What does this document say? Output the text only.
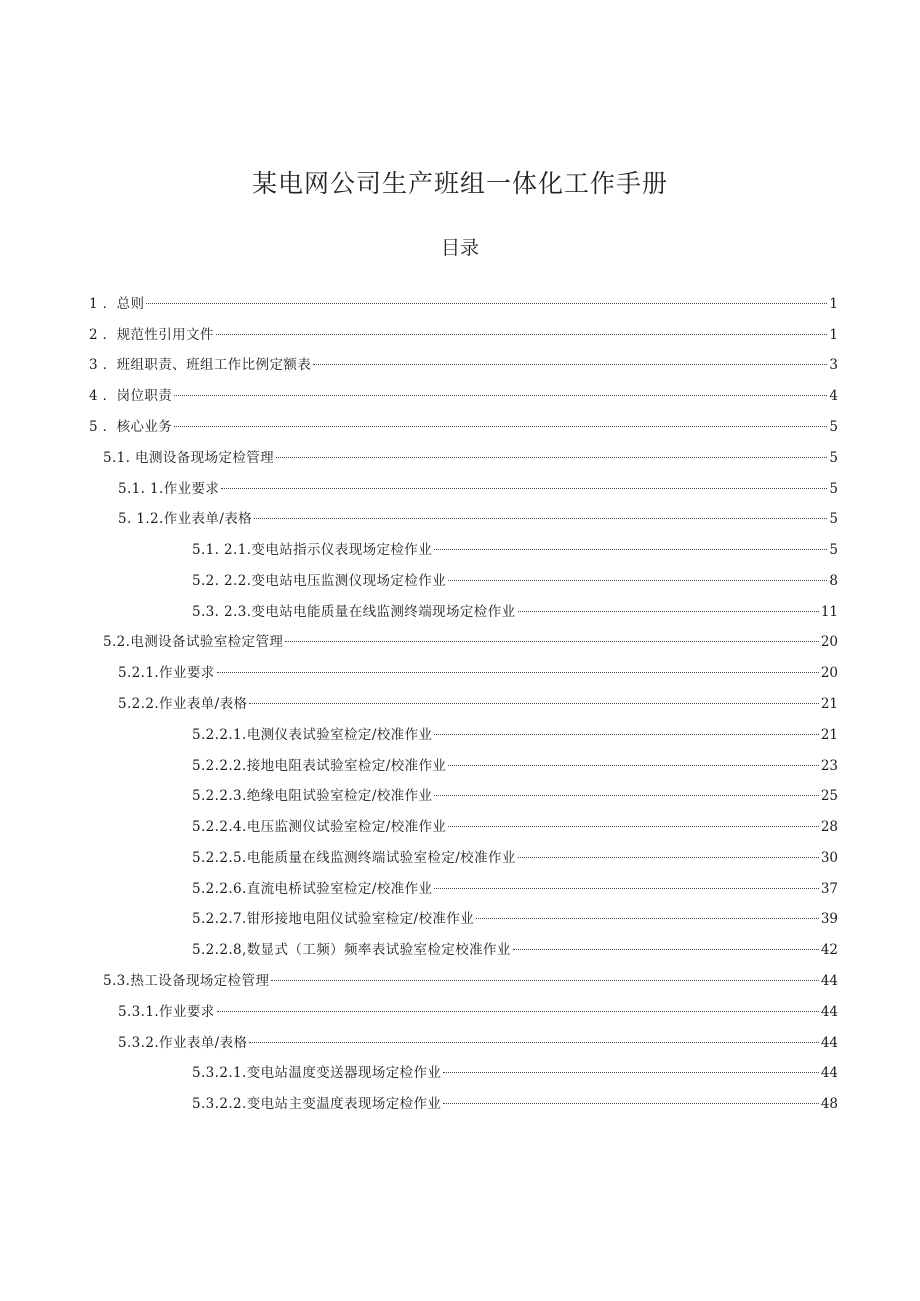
某电网公司生产班组一体化工作手册
目录
1 ．总则	1
2 ．规范性引用文件	1
3 ．班组职责、班组工作比例定额表	3
4 ．岗位职责	4
5 ．核心业务	5
5.1. 电测设备现场定检管理	5
5.1. 1.作业要求	5
5. 1.2.作业表单/表格	5
5.1. 2.1.变电站指示仪表现场定检作业	5
5.2. 2.2.变电站电压监测仪现场定检作业	8
5.3. 2.3.变电站电能质量在线监测终端现场定检作业	11
5.2.电测设备试验室检定管理	20
5.2.1.作业要求	20
5.2.2.作业表单/表格	21
5.2.2.1.电测仪表试验室检定/校准作业	21
5.2.2.2.接地电阻表试验室检定/校准作业	23
5.2.2.3.绝缘电阻试验室检定/校准作业	25
5.2.2.4.电压监测仪试验室检定/校准作业	28
5.2.2.5.电能质量在线监测终端试验室检定/校准作业	30
5.2.2.6.直流电桥试验室检定/校准作业	37
5.2.2.7.钳形接地电阻仪试验室检定/校准作业	39
5.2.2.8,数显式（工频）频率表试验室检定校准作业	42
5.3.热工设备现场定检管理	44
5.3.1.作业要求	44
5.3.2.作业表单/表格	44
5.3.2.1.变电站温度变送器现场定检作业	44
5.3.2.2.变电站主变温度表现场定检作业	48
